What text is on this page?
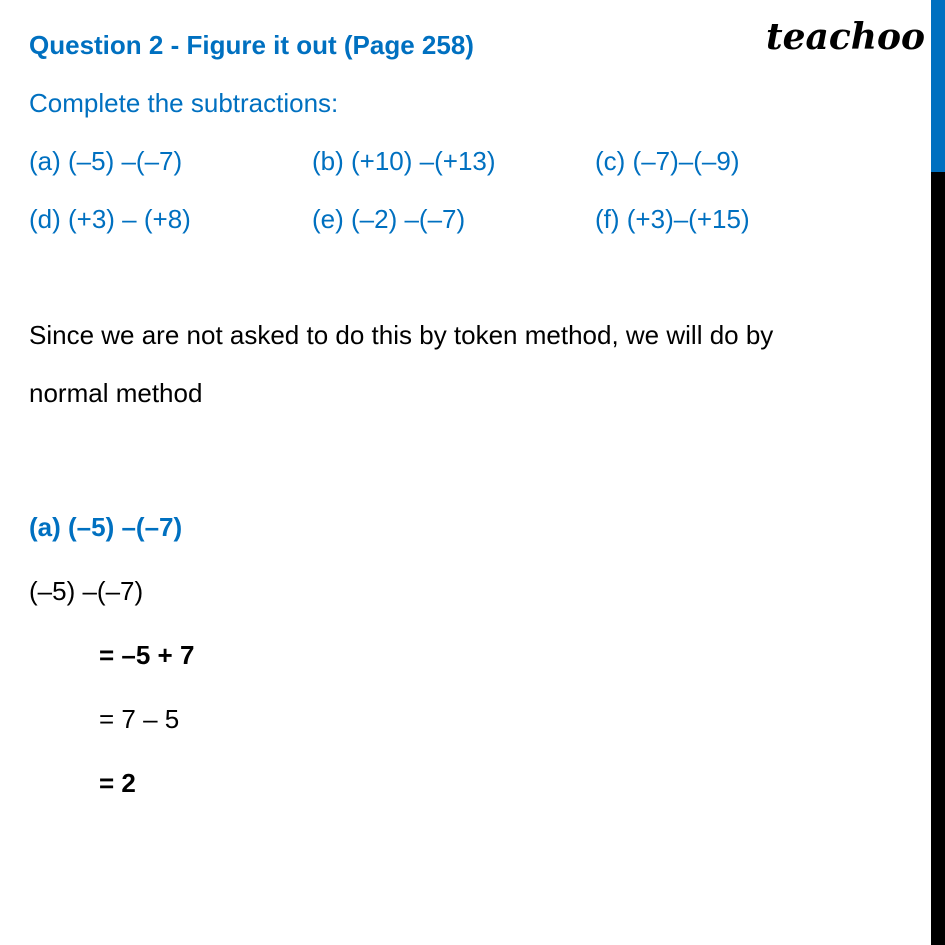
teachoo
Question 2 - Figure it out (Page 258)
Complete the subtractions:
(a) (–5) –(–7)	(b) (+10) –(+13)	(c) (–7)–(–9)
(d) (+3) – (+8)	(e) (–2) –(–7)	(f) (+3)–(+15)
Since we are not asked to do this by token method, we will do by
normal method
(a) (–5) –(–7)
(–5) –(–7)
= –5 + 7
= 7 – 5
= 2
